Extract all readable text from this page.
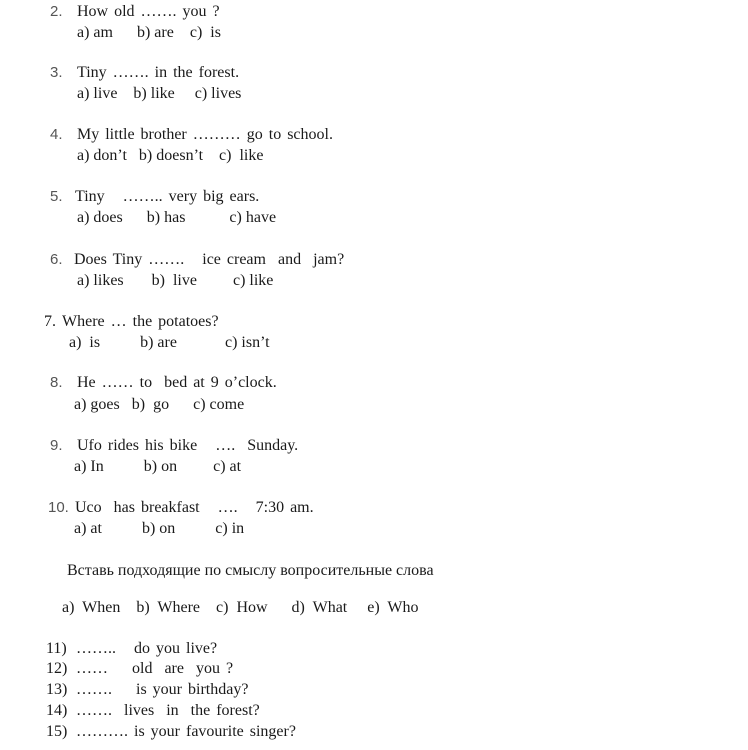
2. How old ……. you ?
a) am      b) are    c)  is
3. Tiny ……. in the forest.
a) live    b) like     c) lives
4. My little brother ……… go to school.
a) don’t   b) doesn’t    c)  like
5. Tiny   …….. very big ears.
a) does      b) has           c) have
6. Does Tiny …….   ice cream  and  jam?
a) likes       b)  live         c) like
7. Where … the potatoes?
a)  is          b) are            c) isn’t
8. He …… to  bed at 9 o’clock.
a) goes   b)  go      c) come
9. Ufo rides his bike   ….  Sunday.
a) In          b) on         c) at
10. Uco  has breakfast   ….   7:30 am.
a) at          b) on          c) in
Вставь подходящие по смыслу вопросительные слова
a)  When    b)  Where    c)  How      d)  What     e)  Who
11) ……..   do you live?
12) ……    old  are  you ?
13) …….    is your birthday?
14) …….  lives  in  the forest?
15) ………. is your favourite singer?
